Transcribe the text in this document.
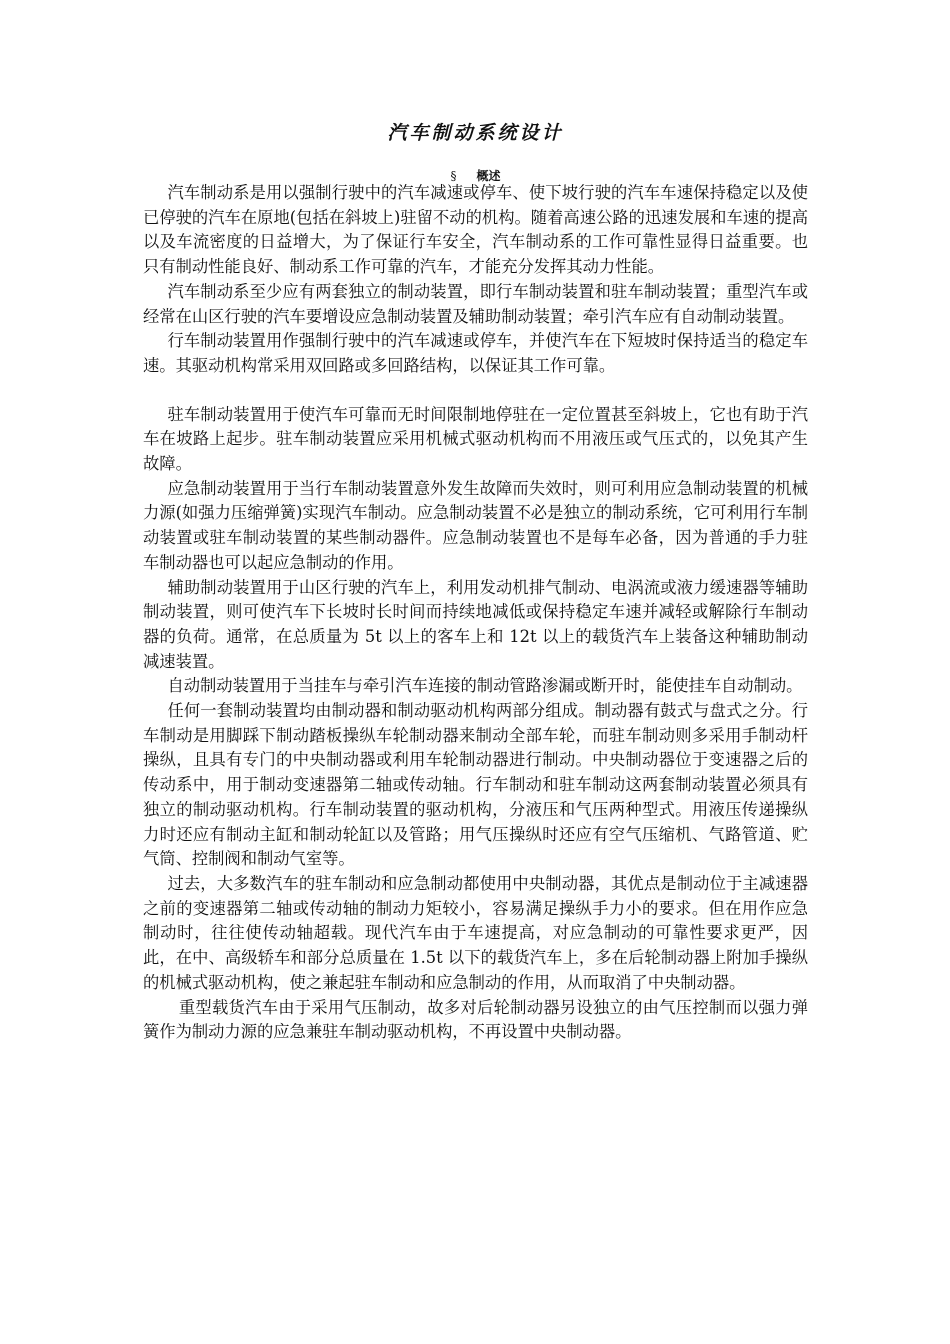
汽车制动系统设计
§ 概述

汽车制动系是用以强制行驶中的汽车减速或停车、使下坡行驶的汽车车速保持稳定以及使已停驶的汽车在原地(包括在斜坡上)驻留不动的机构。随着高速公路的迅速发展和车速的提高以及车流密度的日益增大，为了保证行车安全，汽车制动系的工作可靠性显得日益重要。也只有制动性能良好、制动系工作可靠的汽车，才能充分发挥其动力性能。

汽车制动系至少应有两套独立的制动装置，即行车制动装置和驻车制动装置；重型汽车或经常在山区行驶的汽车要增设应急制动装置及辅助制动装置；牵引汽车应有自动制动装置。

行车制动装置用作强制行驶中的汽车减速或停车，并使汽车在下短坡时保持适当的稳定车速。其驱动机构常采用双回路或多回路结构，以保证其工作可靠。

驻车制动装置用于使汽车可靠而无时间限制地停驻在一定位置甚至斜坡上，它也有助于汽车在坡路上起步。驻车制动装置应采用机械式驱动机构而不用液压或气压式的，以免其产生故障。

应急制动装置用于当行车制动装置意外发生故障而失效时，则可利用应急制动装置的机械力源(如强力压缩弹簧)实现汽车制动。应急制动装置不必是独立的制动系统，它可利用行车制动装置或驻车制动装置的某些制动器件。应急制动装置也不是每车必备，因为普通的手力驻车制动器也可以起应急制动的作用。

辅助制动装置用于山区行驶的汽车上，利用发动机排气制动、电涡流或液力缓速器等辅助制动装置，则可使汽车下长坡时长时间而持续地减低或保持稳定车速并减轻或解除行车制动器的负荷。通常，在总质量为 5t 以上的客车上和 12t 以上的载货汽车上装备这种辅助制动减速装置。

自动制动装置用于当挂车与牵引汽车连接的制动管路渗漏或断开时，能使挂车自动制动。

任何一套制动装置均由制动器和制动驱动机构两部分组成。制动器有鼓式与盘式之分。行车制动是用脚踩下制动踏板操纵车轮制动器来制动全部车轮，而驻车制动则多采用手制动杆操纵，且具有专门的中央制动器或利用车轮制动器进行制动。中央制动器位于变速器之后的传动系中，用于制动变速器第二轴或传动轴。行车制动和驻车制动这两套制动装置必须具有独立的制动驱动机构。行车制动装置的驱动机构，分液压和气压两种型式。用液压传递操纵力时还应有制动主缸和制动轮缸以及管路；用气压操纵时还应有空气压缩机、气路管道、贮气筒、控制阀和制动气室等。

过去，大多数汽车的驻车制动和应急制动都使用中央制动器，其优点是制动位于主减速器之前的变速器第二轴或传动轴的制动力矩较小，容易满足操纵手力小的要求。但在用作应急制动时，往往使传动轴超载。现代汽车由于车速提高，对应急制动的可靠性要求更严，因此，在中、高级轿车和部分总质量在 1.5t 以下的载货汽车上，多在后轮制动器上附加手操纵的机械式驱动机构，使之兼起驻车制动和应急制动的作用，从而取消了中央制动器。

重型载货汽车由于采用气压制动，故多对后轮制动器另设独立的由气压控制而以强力弹簧作为制动力源的应急兼驻车制动驱动机构，不再设置中央制动器。
